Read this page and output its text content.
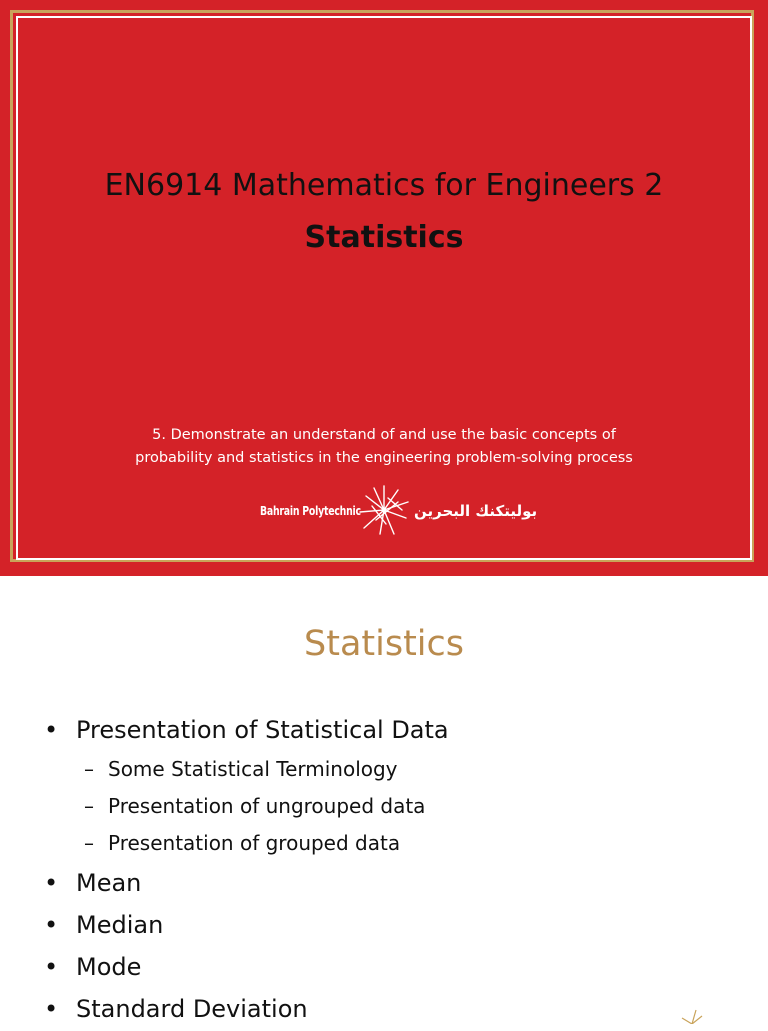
EN6914 Mathematics for Engineers 2
Statistics
5. Demonstrate an understand of and use the basic concepts of
probability and statistics in the engineering problem-solving process
Bahrain Polytechnic	بوليتكنك البحرين
Statistics
• Presentation of Statistical Data
– Some Statistical Terminology
– Presentation of ungrouped data
– Presentation of grouped data
• Mean
• Median
• Mode
• Standard Deviation
